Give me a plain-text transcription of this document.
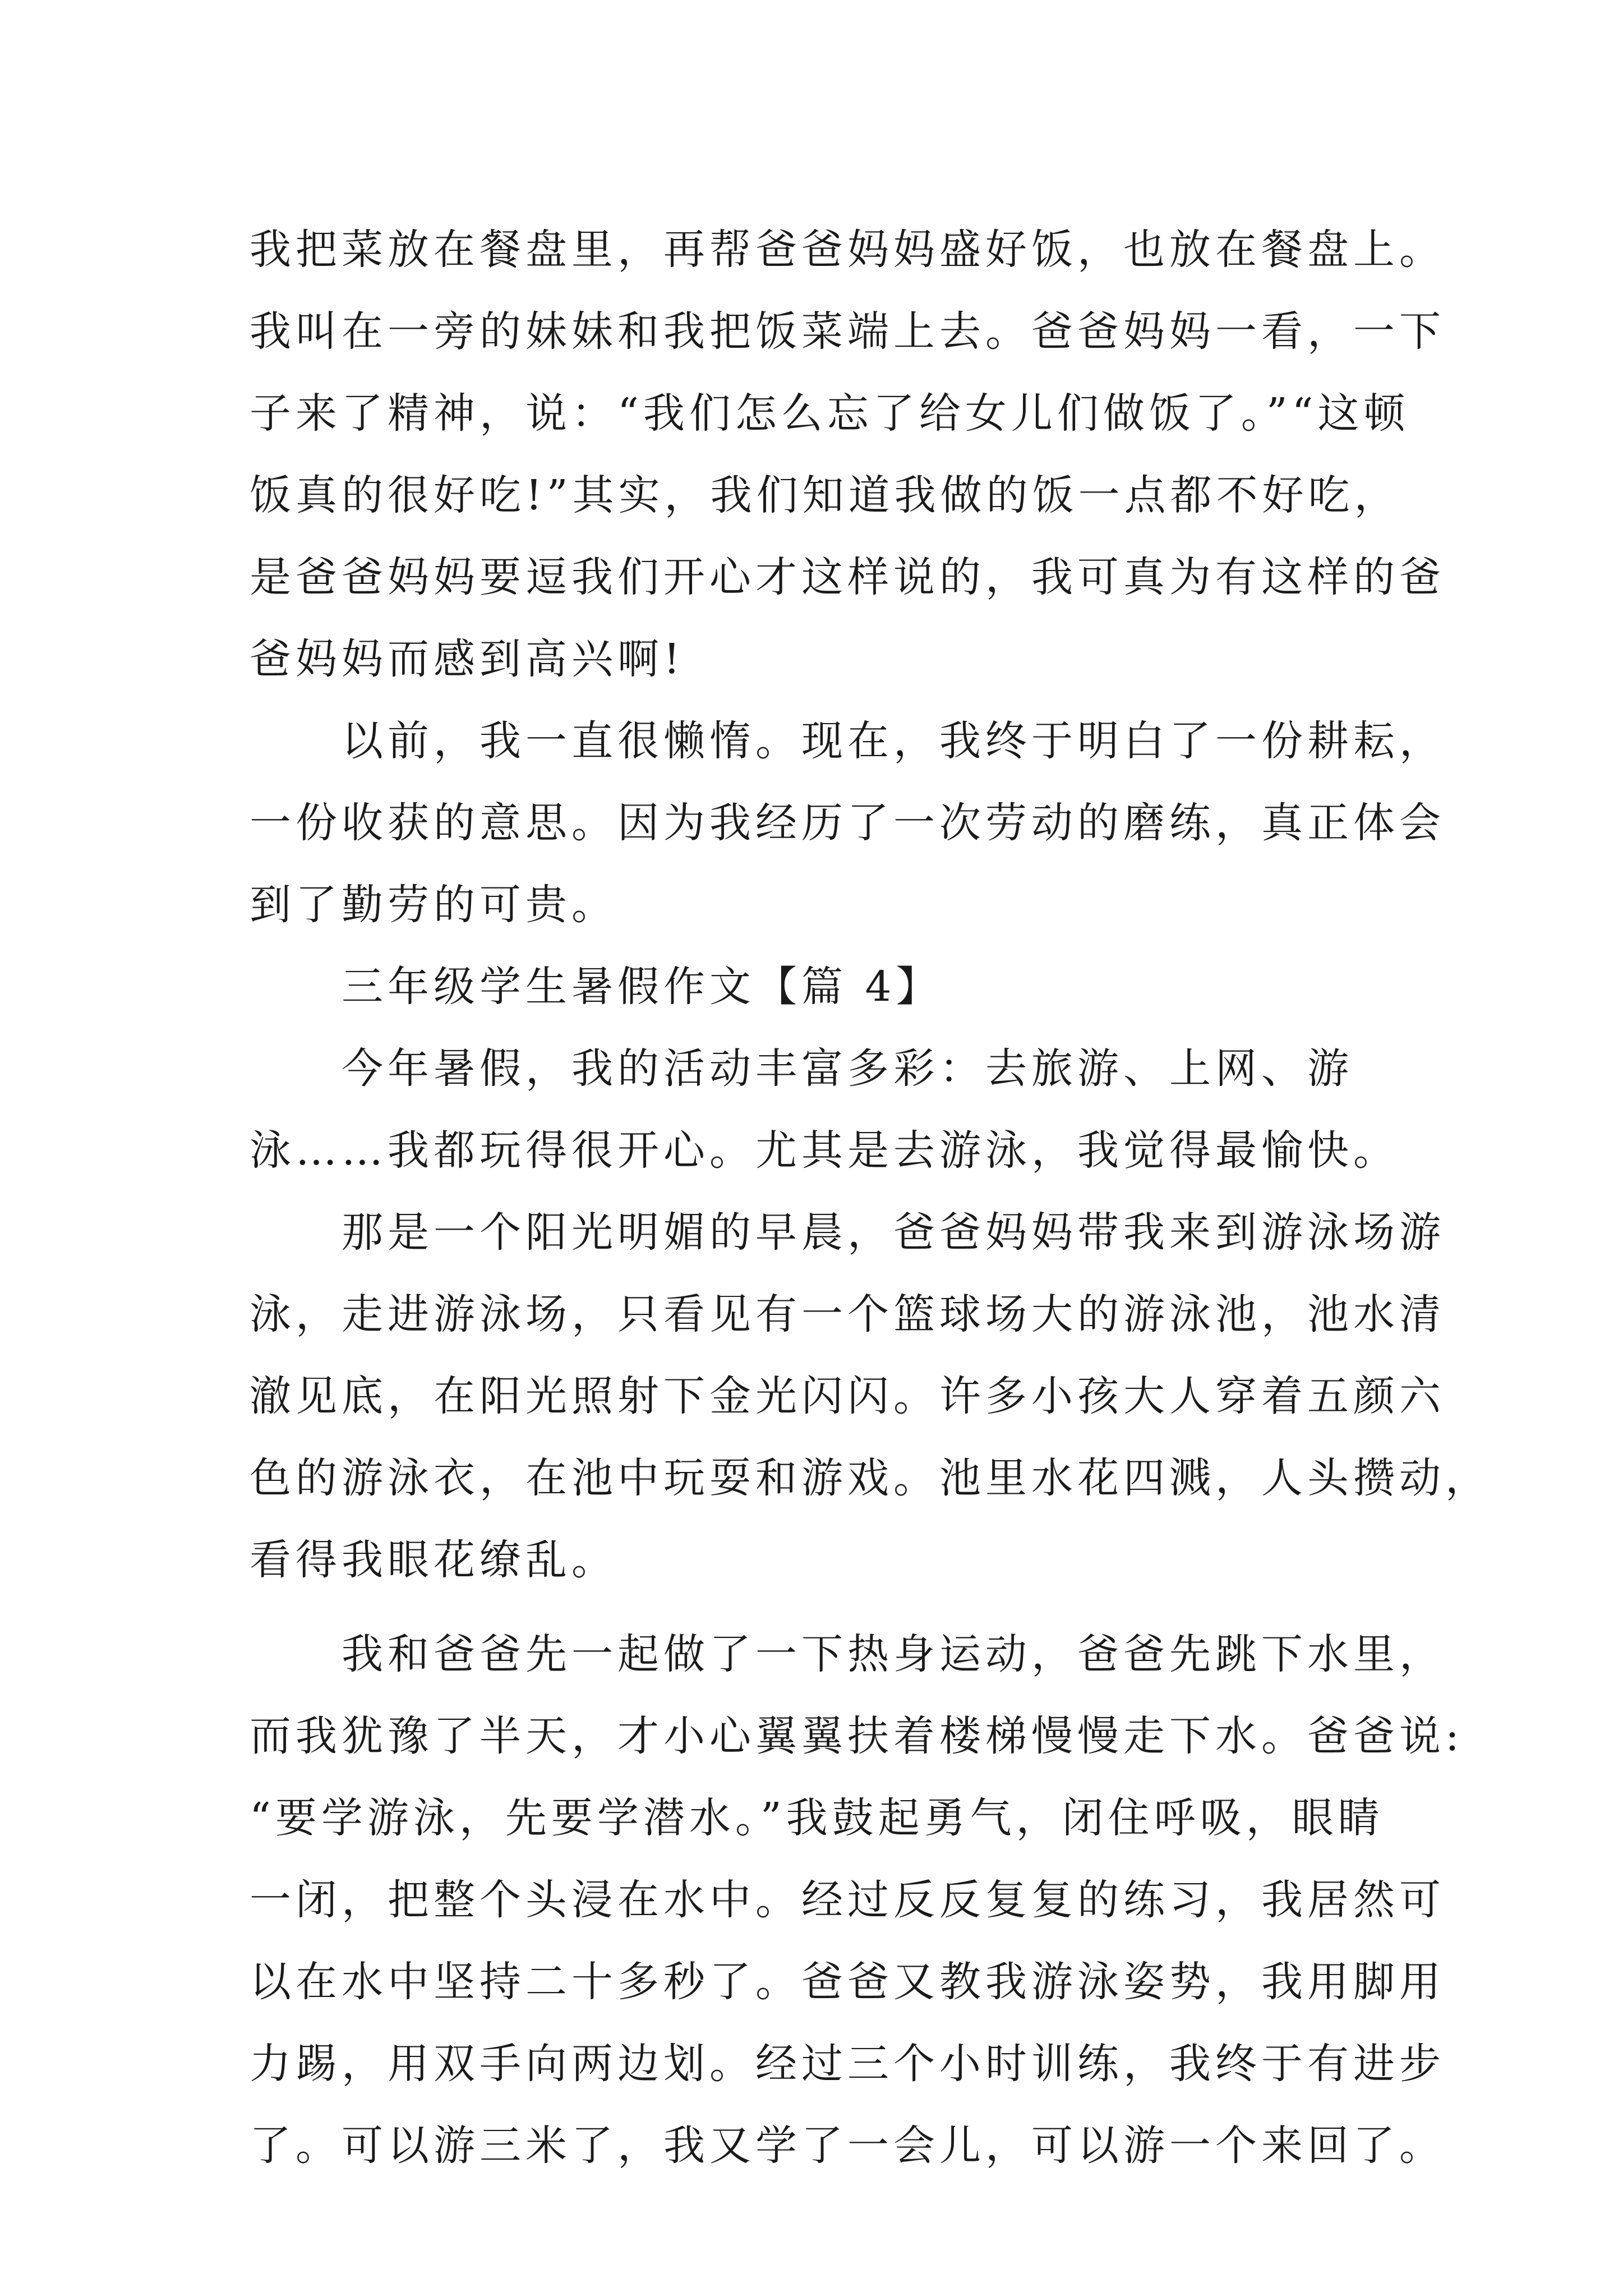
我把菜放在餐盘里，再帮爸爸妈妈盛好饭，也放在餐盘上。
我叫在一旁的妹妹和我把饭菜端上去。爸爸妈妈一看，一下
子来了精神，说：“我们怎么忘了给女儿们做饭了。”“这顿
饭真的很好吃!”其实，我们知道我做的饭一点都不好吃，
是爸爸妈妈要逗我们开心才这样说的，我可真为有这样的爸
爸妈妈而感到高兴啊!
　　以前，我一直很懒惰。现在，我终于明白了一份耕耘，
一份收获的意思。因为我经历了一次劳动的磨练，真正体会
到了勤劳的可贵。
　　三年级学生暑假作文【篇 4】
　　今年暑假，我的活动丰富多彩：去旅游、上网、游
泳……我都玩得很开心。尤其是去游泳，我觉得最愉快。
　　那是一个阳光明媚的早晨，爸爸妈妈带我来到游泳场游
泳，走进游泳场，只看见有一个篮球场大的游泳池，池水清
澈见底，在阳光照射下金光闪闪。许多小孩大人穿着五颜六
色的游泳衣，在池中玩耍和游戏。池里水花四溅，人头攒动，
看得我眼花缭乱。
　　我和爸爸先一起做了一下热身运动，爸爸先跳下水里，
而我犹豫了半天，才小心翼翼扶着楼梯慢慢走下水。爸爸说:
“要学游泳，先要学潜水。”我鼓起勇气，闭住呼吸，眼睛
一闭，把整个头浸在水中。经过反反复复的练习，我居然可
以在水中坚持二十多秒了。爸爸又教我游泳姿势，我用脚用
力踢，用双手向两边划。经过三个小时训练，我终于有进步
了。可以游三米了，我又学了一会儿，可以游一个来回了。
